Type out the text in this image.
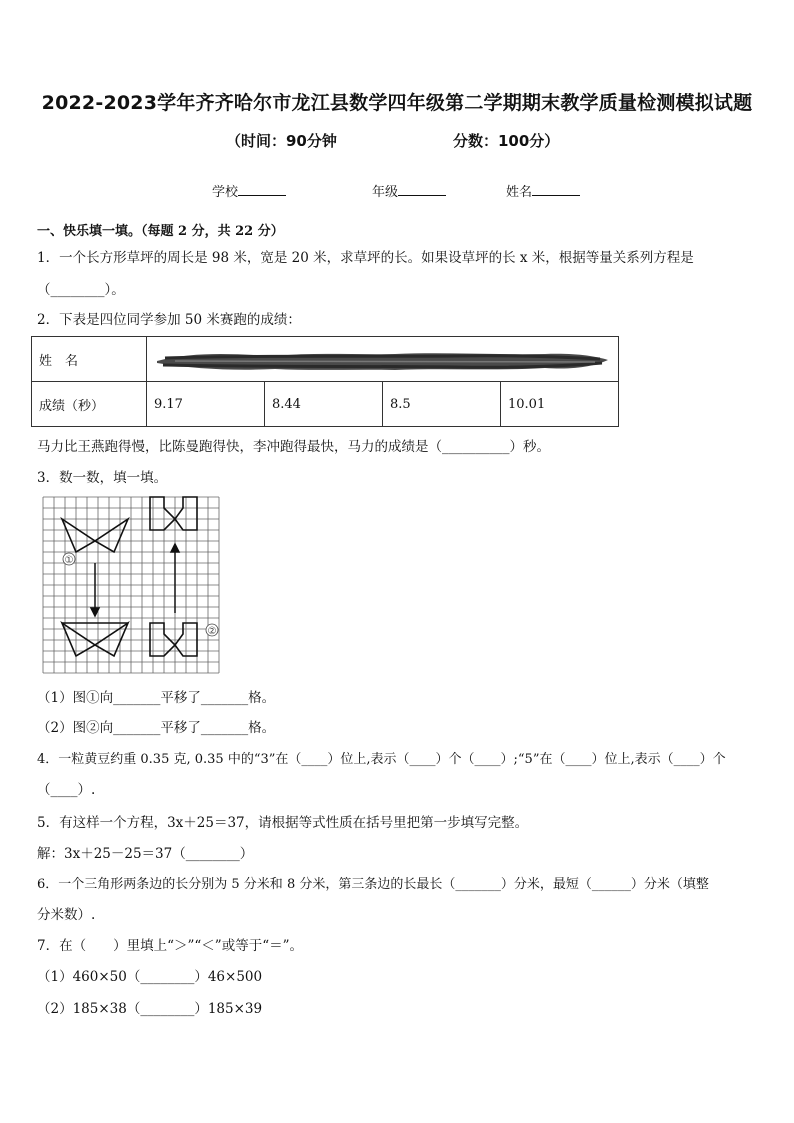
2022-2023学年齐齐哈尔市龙江县数学四年级第二学期期末教学质量检测模拟试题
（时间：90分钟	分数：100分）
学校	年级	姓名
一、快乐填一填。（每题 2 分，共 22 分）
1．一个长方形草坪的周长是 98 米，宽是 20 米，求草坪的长。如果设草坪的长 x 米，根据等量关系列方程是
（________）。
2．下表是四位同学参加 50 米赛跑的成绩：
姓　名				
成绩（秒）	9.17	8.44	8.5	10.01
马力比王燕跑得慢，比陈曼跑得快，李冲跑得最快，马力的成绩是（__________）秒。
3．数一数，填一填。
①
②
（1）图①向_______平移了_______格。
（2）图②向_______平移了_______格。
4．一粒黄豆约重 0.35 克, 0.35 中的“3”在（____）位上,表示（____）个（____）;“5”在（____）位上,表示（____）个
（____）.
5．有这样一个方程，3x＋25＝37，请根据等式性质在括号里把第一步填写完整。
解：3x＋25－25＝37（________）
6．一个三角形两条边的长分别为 5 分米和 8 分米，第三条边的长最长（_______）分米，最短（______）分米（填整
分米数）.
7．在（　　）里填上“＞”“＜”或等于“＝”。
（1）460×50（________）46×500
（2）185×38（________）185×39
